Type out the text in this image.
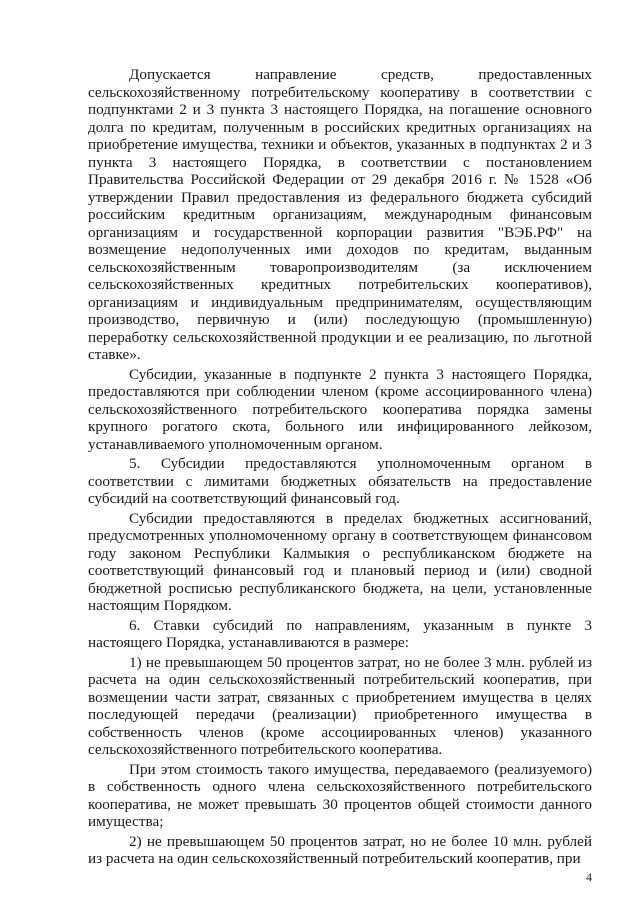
Допускается направление средств, предоставленных сельскохозяйственному потребительскому кооперативу в соответствии с подпунктами 2 и 3 пункта 3 настоящего Порядка, на погашение основного долга по кредитам, полученным в российских кредитных организациях на приобретение имущества, техники и объектов, указанных в подпунктах 2 и 3 пункта 3 настоящего Порядка, в соответствии с постановлением Правительства Российской Федерации от 29 декабря 2016 г. № 1528 «Об утверждении Правил предоставления из федерального бюджета субсидий российским кредитным организациям, международным финансовым организациям и государственной корпорации развития "ВЭБ.РФ" на возмещение недополученных ими доходов по кредитам, выданным сельскохозяйственным товаропроизводителям (за исключением сельскохозяйственных кредитных потребительских кооперативов), организациям и индивидуальным предпринимателям, осуществляющим производство, первичную и (или) последующую (промышленную) переработку сельскохозяйственной продукции и ее реализацию, по льготной ставке».

Субсидии, указанные в подпункте 2 пункта 3 настоящего Порядка, предоставляются при соблюдении членом (кроме ассоциированного члена) сельскохозяйственного потребительского кооператива порядка замены крупного рогатого скота, больного или инфицированного лейкозом, устанавливаемого уполномоченным органом.

5. Субсидии предоставляются уполномоченным органом в соответствии с лимитами бюджетных обязательств на предоставление субсидий на соответствующий финансовый год.

Субсидии предоставляются в пределах бюджетных ассигнований, предусмотренных уполномоченному органу в соответствующем финансовом году законом Республики Калмыкия о республиканском бюджете на соответствующий финансовый год и плановый период и (или) сводной бюджетной росписью республиканского бюджета, на цели, установленные настоящим Порядком.

6. Ставки субсидий по направлениям, указанным в пункте 3 настоящего Порядка, устанавливаются в размере:

1) не превышающем 50 процентов затрат, но не более 3 млн. рублей из расчета на один сельскохозяйственный потребительский кооператив, при возмещении части затрат, связанных с приобретением имущества в целях последующей передачи (реализации) приобретенного имущества в собственность членов (кроме ассоциированных членов) указанного сельскохозяйственного потребительского кооператива.

При этом стоимость такого имущества, передаваемого (реализуемого) в собственность одного члена сельскохозяйственного потребительского кооператива, не может превышать 30 процентов общей стоимости данного имущества;

2) не превышающем 50 процентов затрат, но не более 10 млн. рублей из расчета на один сельскохозяйственный потребительский кооператив, при

4
